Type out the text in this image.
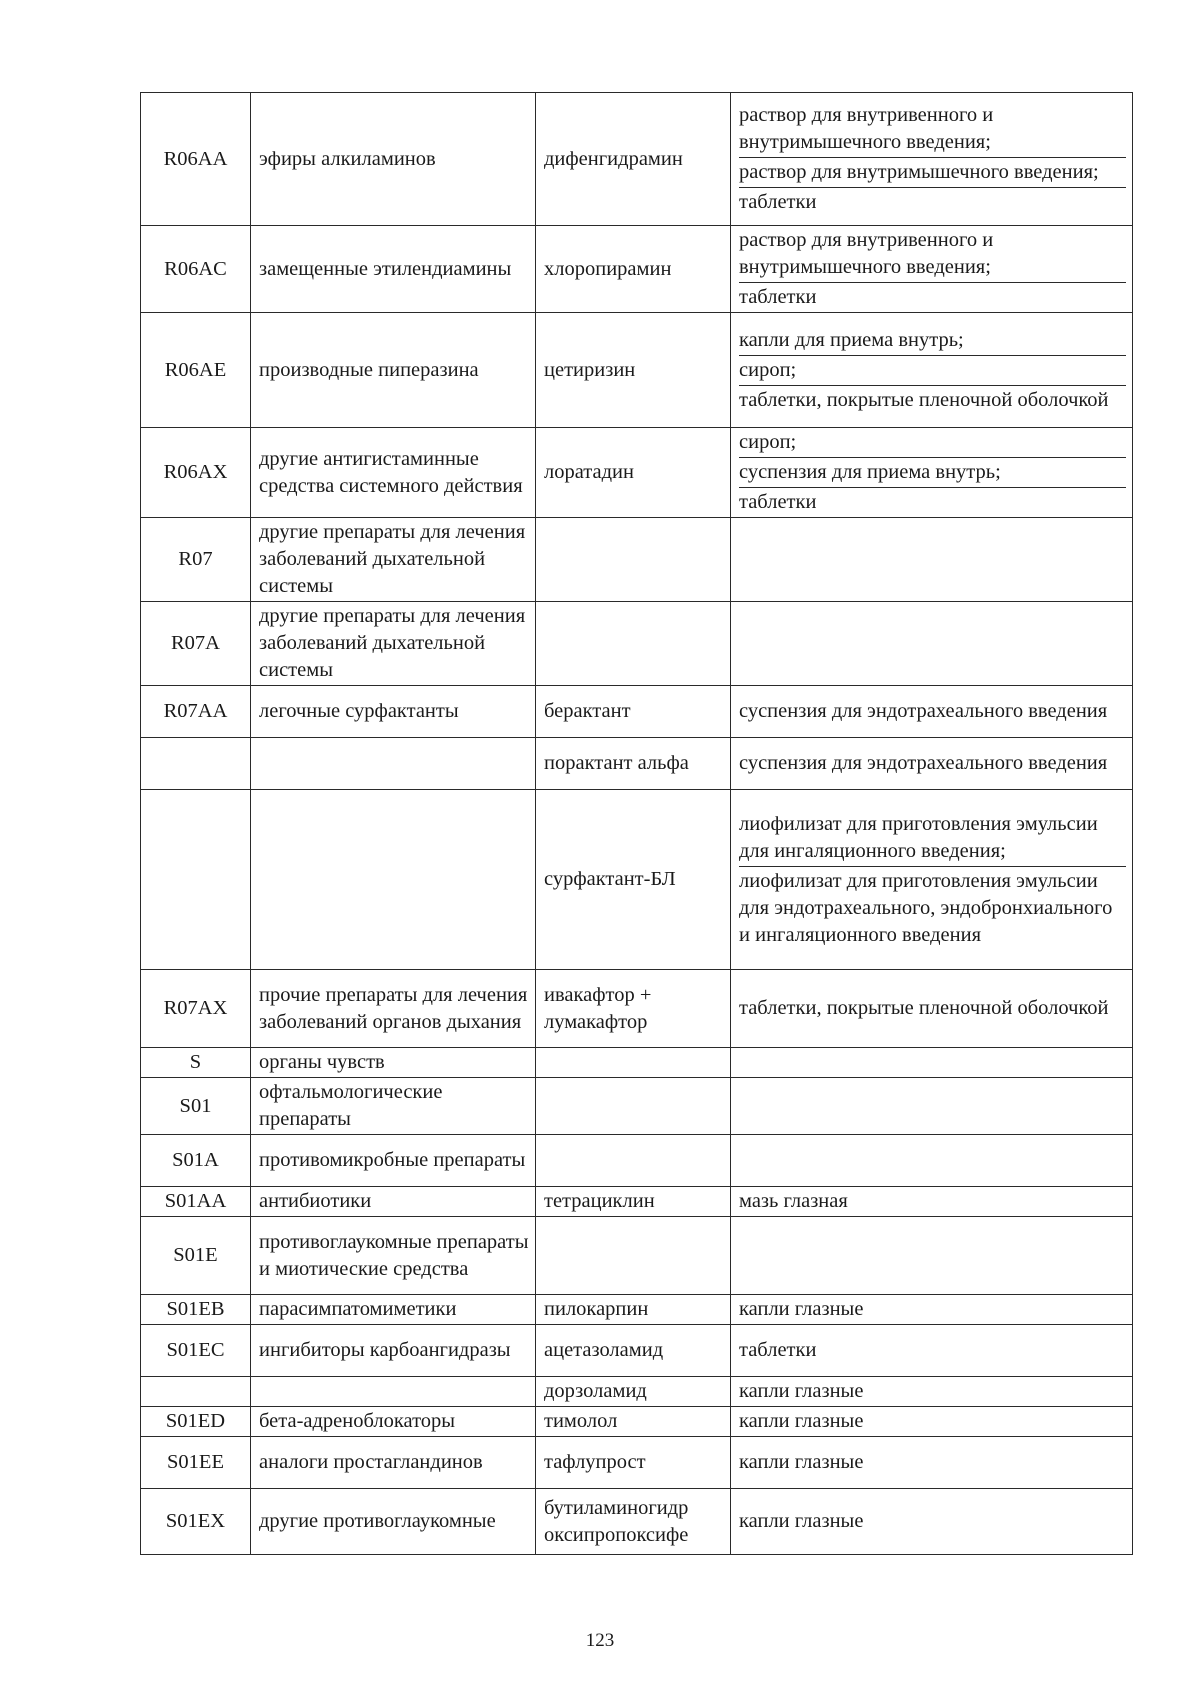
R06AA	эфиры алкиламинов	дифенгидрамин	раствор для внутривенного и внутримышечного введения;
раствор для внутримышечного введения;
таблетки

R06AC	замещенные этилендиамины	хлоропирамин	раствор для внутривенного и внутримышечного введения;
таблетки

R06AE	производные пиперазина	цетиризин	капли для приема внутрь;
сироп;
таблетки, покрытые пленочной оболочкой

R06AX	другие антигистаминные средства системного действия	лоратадин	сироп;
суспензия для приема внутрь;
таблетки

R07	другие препараты для лечения заболеваний дыхательной системы		

R07A	другие препараты для лечения заболеваний дыхательной системы		

R07AA	легочные сурфактанты	берактант	суспензия для эндотрахеального введения

		порактант альфа	суспензия для эндотрахеального введения

		сурфактант-БЛ	лиофилизат для приготовления эмульсии для ингаляционного введения;
лиофилизат для приготовления эмульсии для эндотрахеального, эндобронхиального и ингаляционного введения

R07AX	прочие препараты для лечения заболеваний органов дыхания	ивакафтор + лумакафтор	таблетки, покрытые пленочной оболочкой

S	органы чувств		

S01	офтальмологические препараты		

S01A	противомикробные препараты		

S01AA	антибиотики	тетрациклин	мазь глазная

S01E	противоглаукомные препараты и миотические средства		

S01EB	парасимпатомиметики	пилокарпин	капли глазные

S01EC	ингибиторы карбоангидразы	ацетазоламид	таблетки

		дорзоламид	капли глазные

S01ED	бета-адреноблокаторы	тимолол	капли глазные

S01EE	аналоги простагландинов	тафлупрост	капли глазные

S01EX	другие противоглаукомные	бутиламиногидр оксипропоксифе	капли глазные
123
